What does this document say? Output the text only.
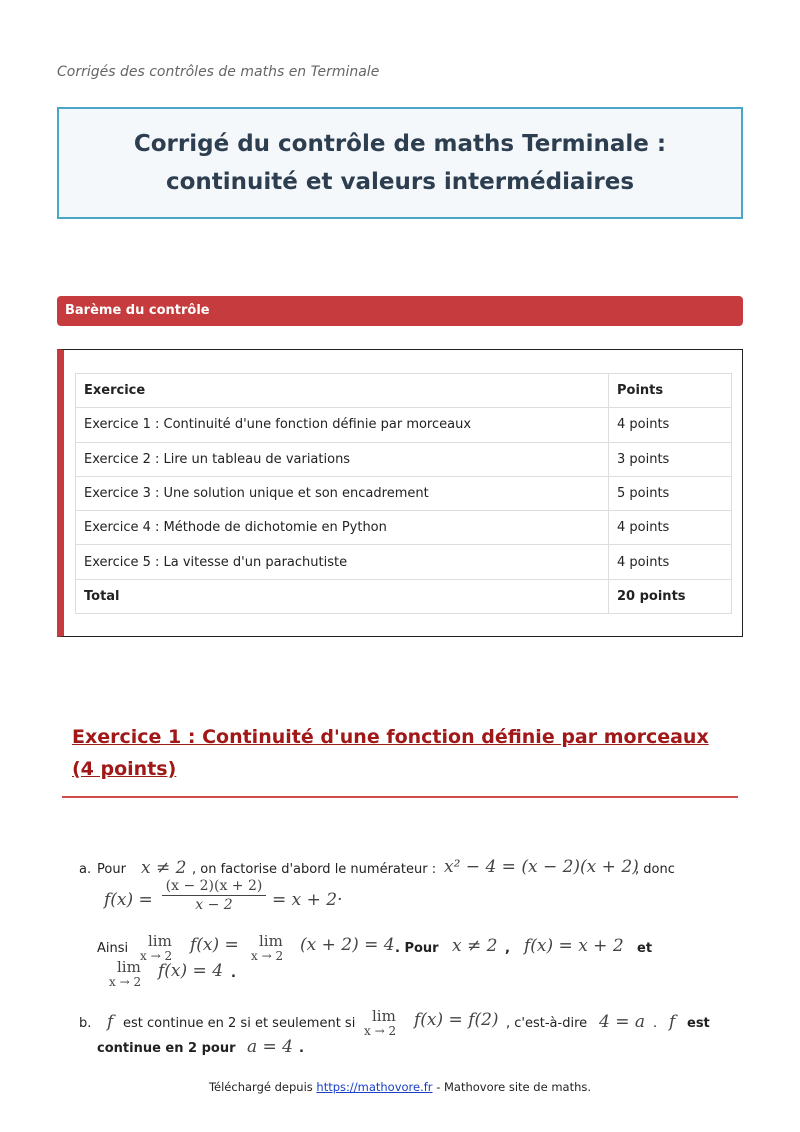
Corrigés des contrôles de maths en Terminale
Corrigé du contrôle de maths Terminale : continuité et valeurs intermédiaires
Barème du contrôle
Exercice	Points
Exercice 1 : Continuité d'une fonction définie par morceaux	4 points
Exercice 2 : Lire un tableau de variations	3 points
Exercice 3 : Une solution unique et son encadrement	5 points
Exercice 4 : Méthode de dichotomie en Python	4 points
Exercice 5 : La vitesse d'un parachutiste	4 points
Total	20 points
Exercice 1 : Continuité d'une fonction définie par morceaux (4 points)
a. Pour x ≠ 2 , on factorise d'abord le numérateur : x² − 4 = (x − 2)(x + 2)
, donc
f(x) =
(x − 2)(x + 2)
x − 2	= x + 2·
Ainsi lim
x → 2
f(x) = lim
x → 2
(x + 2) = 4 . Pour x ≠ 2 , f(x) = x + 2 et
lim
x → 2
f(x) = 4 .
b. f est continue en 2 si et seulement si lim
x → 2
f(x) = f(2) , c'est-à-dire 4 = a . f est
continue en 2 pour a = 4 .
Téléchargé depuis https://mathovore.fr - Mathovore site de maths.
